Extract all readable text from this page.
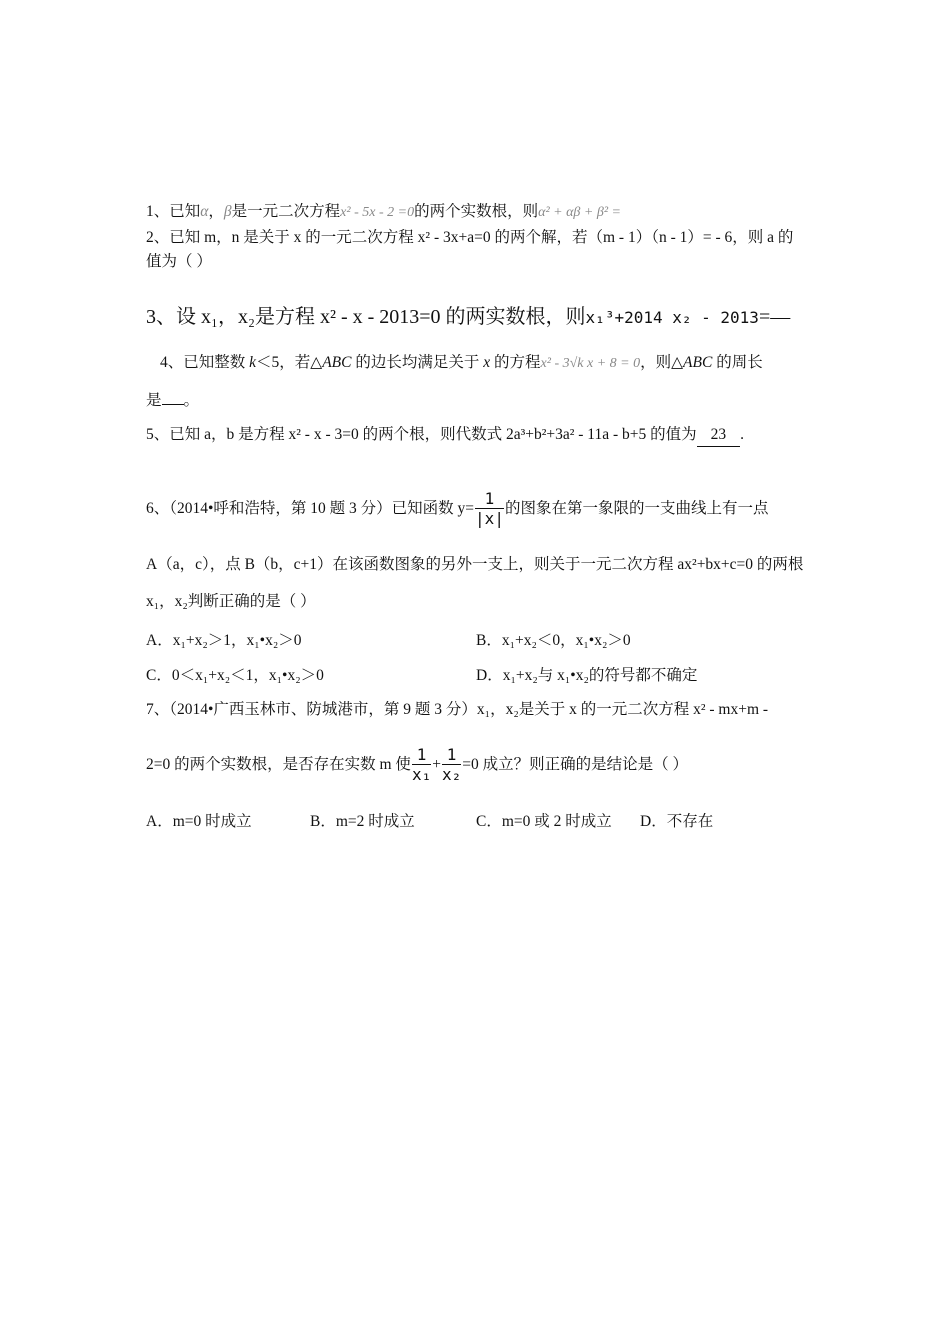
1、已知α，β是一元二次方程x² - 5x - 2 =0的两个实数根，则α² + αβ + β² =
2、已知 m，n 是关于 x 的一元二次方程 x² - 3x+a=0 的两个解，若（m - 1）（n - 1）= - 6，则 a 的
值为（ ）
3、设 x₁，x₂是方程 x² - x - 2013=0 的两实数根，则x₁³+2014 x₂ - 2013=—
4、已知整数 k＜5，若△ABC 的边长均满足关于 x 的方程x² - 3√k x + 8 = 0，则△ABC 的周长
是 。
5、已知 a，b 是方程 x² - x - 3=0 的两个根，则代数式 2a³+b²+3a² - 11a - b+5 的值为 23 .
6、（2014•呼和浩特，第 10 题 3 分）已知函数 $y= \frac{1}{|x|}$ 的图象在第一象限的一支曲线上有一点
A（a，c），点 B（b，c+1）在该函数图象的另外一支上，则关于一元二次方程 ax²+bx+c=0 的两根
x₁，x₂判断正确的是（ ）
A．x₁+x₂＞1，x₁•x₂＞0	B．x₁+x₂＜0，x₁•x₂＞0
C．0＜x₁+x₂＜1，x₁•x₂＞0	D．x₁+x₂与 x₁•x₂的符号都不确定
7、（2014•广西玉林市、防城港市，第 9 题 3 分）x₁，x₂是关于 x 的一元二次方程 x² - mx+m -
2=0 的两个实数根，是否存在实数 m 使 $\frac{1}{\text{x₁}} + \frac{1}{\text{x₂}} =0$ 成立？则正确的是结论是（ ）
A．m=0 时成立	B．m=2 时成立	C．m=0 或 2 时成立 D．不存在
